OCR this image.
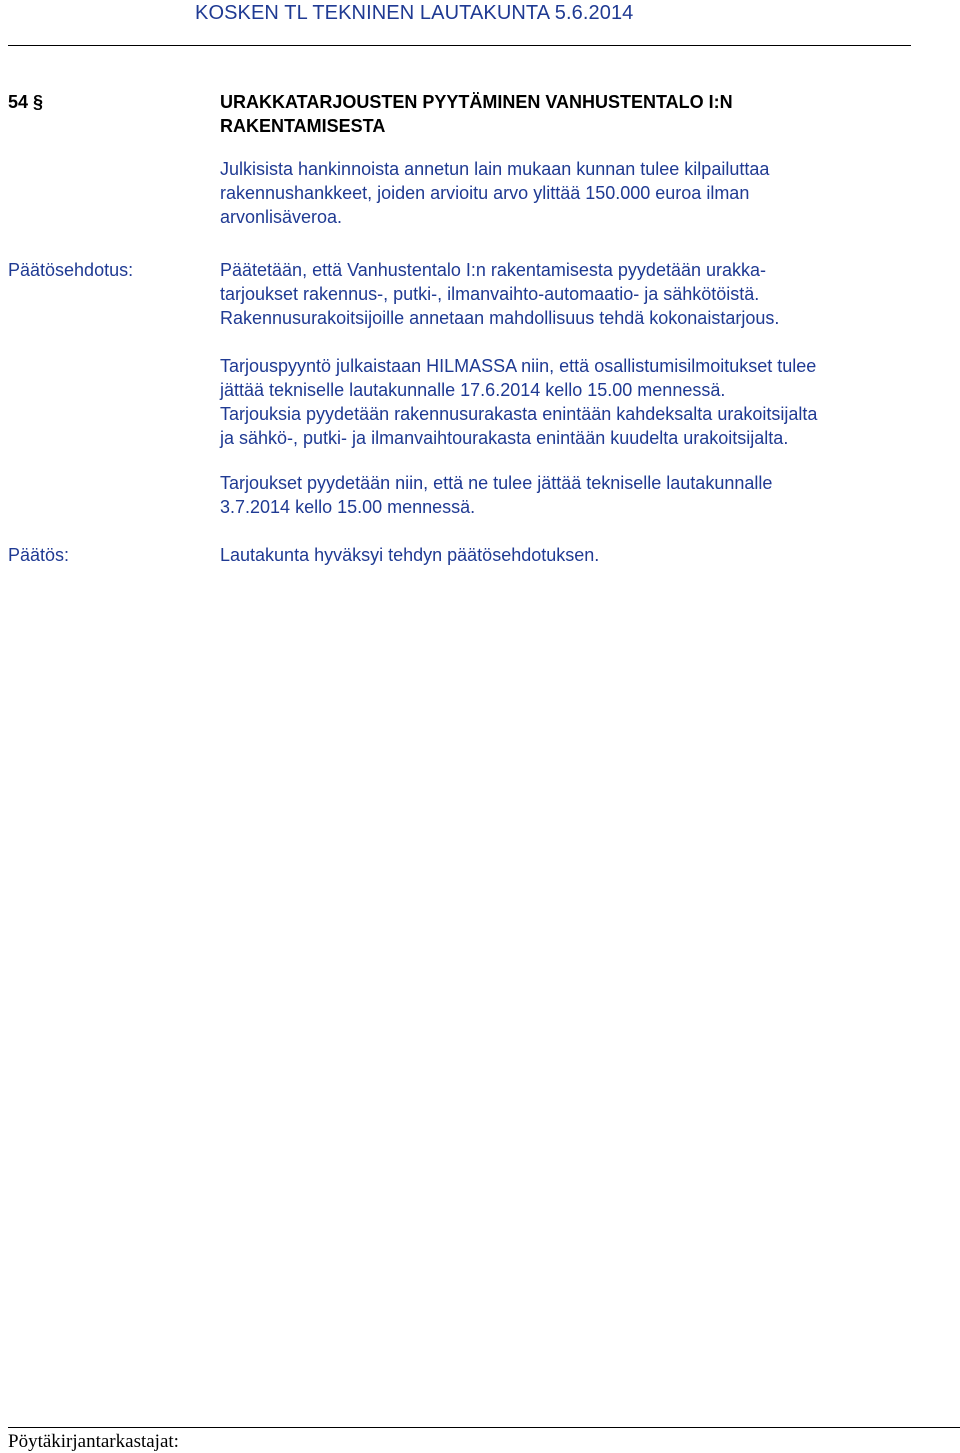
KOSKEN TL TEKNINEN LAUTAKUNTA 5.6.2014
54 §	URAKKATARJOUSTEN PYYTÄMINEN VANHUSTENTALO I:N
RAKENTAMISESTA
Julkisista hankinnoista annetun lain mukaan kunnan tulee kilpailuttaa
rakennushankkeet, joiden arvioitu arvo ylittää 150.000 euroa ilman
arvonlisäveroa.
Päätösehdotus:	Päätetään, että Vanhustentalo I:n rakentamisesta pyydetään urakka-
tarjoukset rakennus-, putki-, ilmanvaihto-automaatio- ja sähkötöistä.
Rakennusurakoitsijoille annetaan mahdollisuus tehdä kokonaistarjous.
Tarjouspyyntö julkaistaan HILMASSA niin, että osallistumisilmoitukset tulee
jättää tekniselle lautakunnalle 17.6.2014 kello 15.00 mennessä.
Tarjouksia pyydetään rakennusurakasta enintään kahdeksalta urakoitsijalta
ja sähkö-, putki- ja ilmanvaihtourakasta enintään kuudelta urakoitsijalta.
Tarjoukset pyydetään niin, että ne tulee jättää tekniselle lautakunnalle
3.7.2014 kello 15.00 mennessä.
Päätös:	Lautakunta hyväksyi tehdyn päätösehdotuksen.
Pöytäkirjantarkastajat:
